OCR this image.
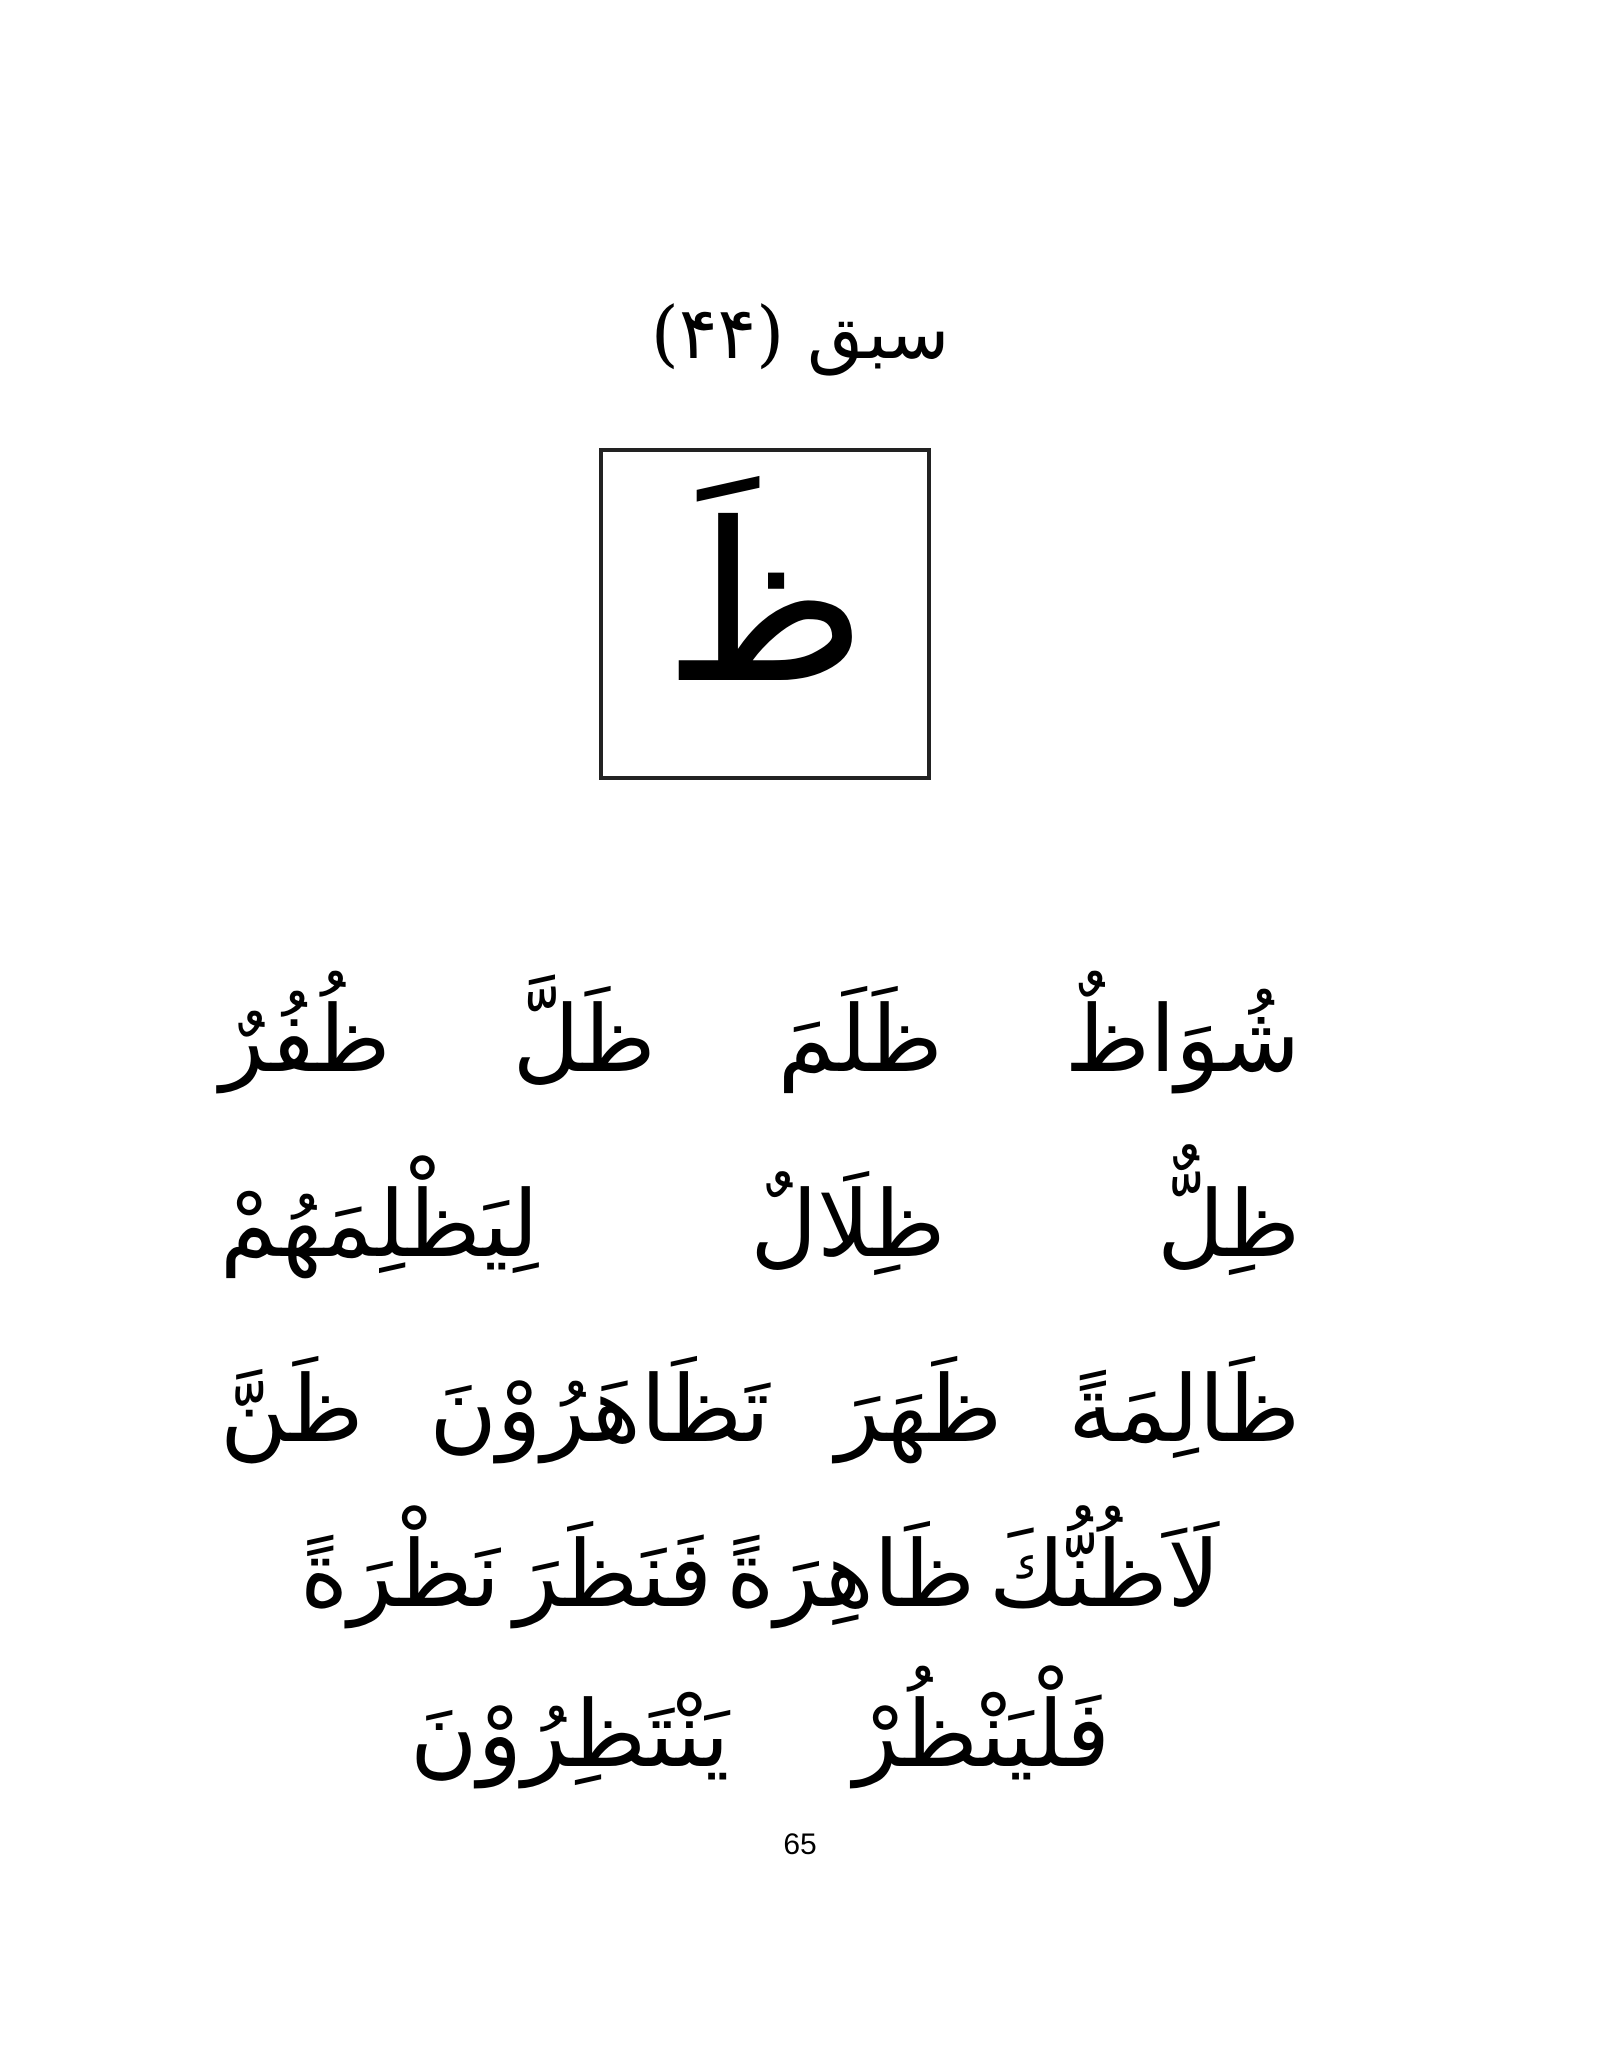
سبق (۴۴)
ظَ
شُوَاظٌ
ظَلَمَ
ظَلَّ
ظُفُرٌ
ظِلٌّ
ظِلَالٌ
لِيَظْلِمَهُمْ
ظَالِمَةً
ظَهَرَ
تَظَاهَرُوْنَ
ظَنَّ
لَاَظُنُّكَ
ظَاهِرَةً
فَنَظَرَ
نَظْرَةً
فَلْيَنْظُرْ
يَنْتَظِرُوْنَ
65
